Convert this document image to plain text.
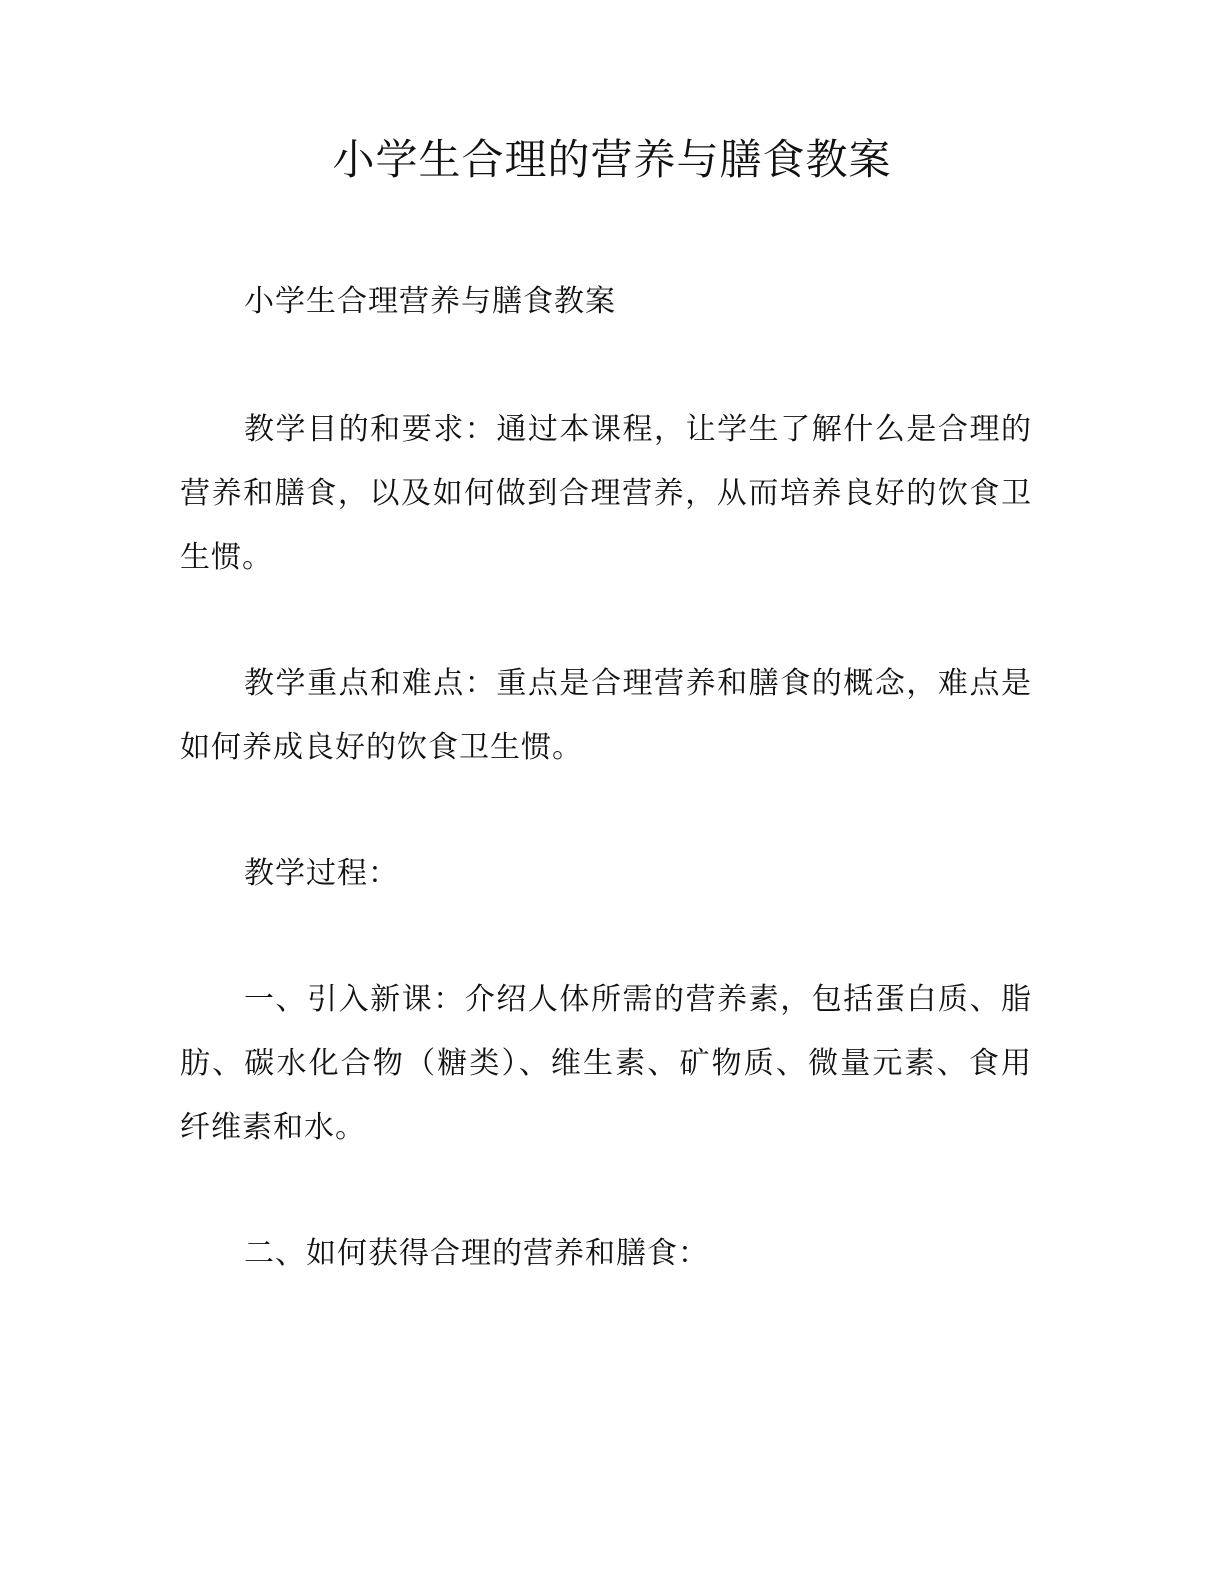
小学生合理的营养与膳食教案

小学生合理营养与膳食教案

教学目的和要求：通过本课程，让学生了解什么是合理的营养和膳食，以及如何做到合理营养，从而培养良好的饮食卫生惯。

教学重点和难点：重点是合理营养和膳食的概念，难点是如何养成良好的饮食卫生惯。

教学过程：

一、引入新课：介绍人体所需的营养素，包括蛋白质、脂肪、碳水化合物（糖类）、维生素、矿物质、微量元素、食用纤维素和水。

二、如何获得合理的营养和膳食：
